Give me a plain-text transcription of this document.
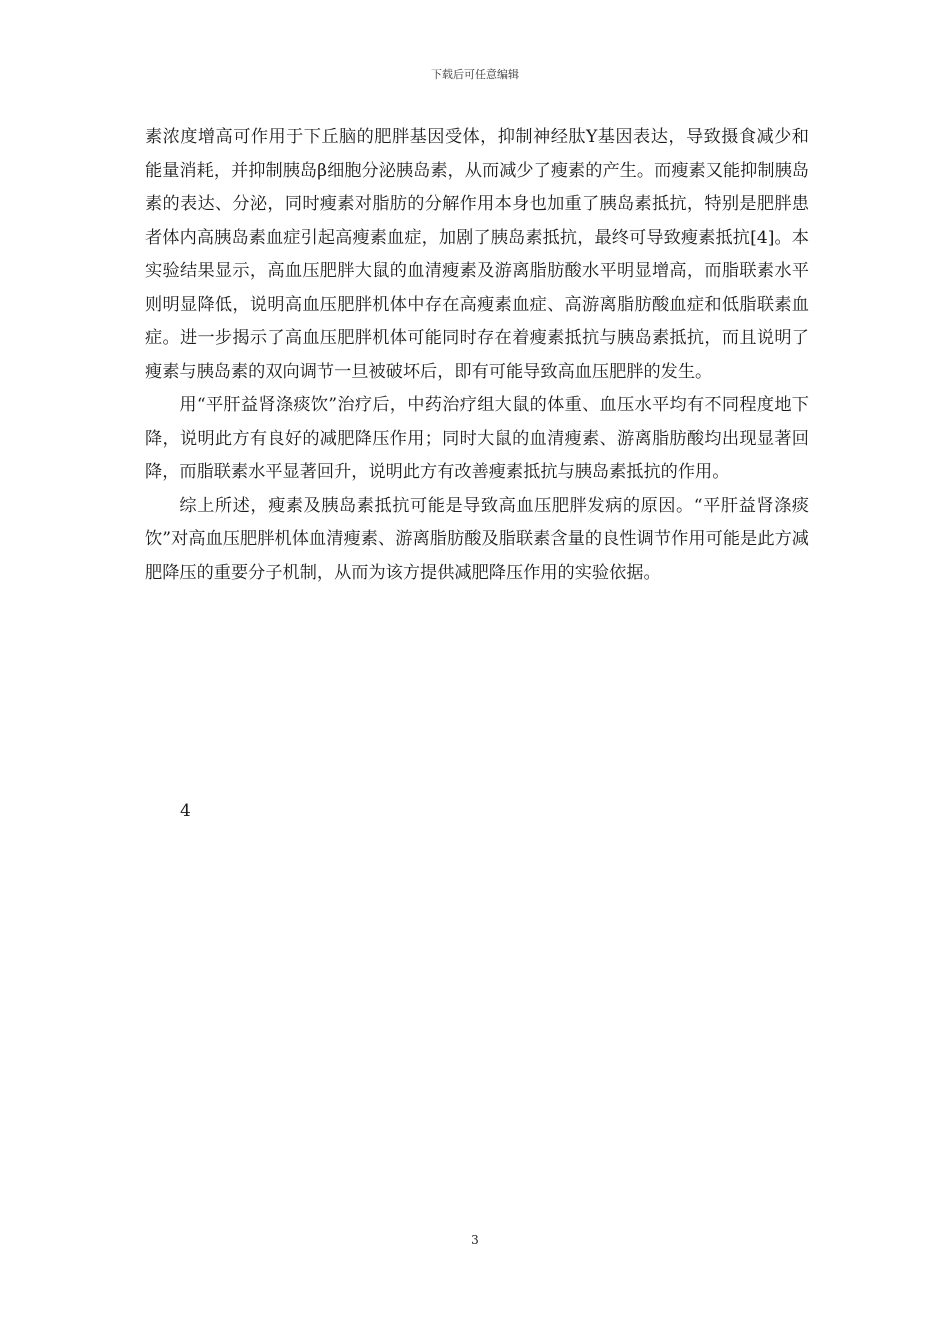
下载后可任意编辑

素浓度增高可作用于下丘脑的肥胖基因受体，抑制神经肽Y基因表达，导致摄食减少和能量消耗，并抑制胰岛β细胞分泌胰岛素，从而减少了瘦素的产生。而瘦素又能抑制胰岛素的表达、分泌，同时瘦素对脂肪的分解作用本身也加重了胰岛素抵抗，特别是肥胖患者体内高胰岛素血症引起高瘦素血症，加剧了胰岛素抵抗，最终可导致瘦素抵抗[4]。本实验结果显示，高血压肥胖大鼠的血清瘦素及游离脂肪酸水平明显增高，而脂联素水平则明显降低，说明高血压肥胖机体中存在高瘦素血症、高游离脂肪酸血症和低脂联素血症。进一步揭示了高血压肥胖机体可能同时存在着瘦素抵抗与胰岛素抵抗，而且说明了瘦素与胰岛素的双向调节一旦被破坏后，即有可能导致高血压肥胖的发生。

用“平肝益肾涤痰饮”治疗后，中药治疗组大鼠的体重、血压水平均有不同程度地下降，说明此方有良好的减肥降压作用；同时大鼠的血清瘦素、游离脂肪酸均出现显著回降，而脂联素水平显著回升，说明此方有改善瘦素抵抗与胰岛素抵抗的作用。

综上所述，瘦素及胰岛素抵抗可能是导致高血压肥胖发病的原因。“平肝益肾涤痰饮”对高血压肥胖机体血清瘦素、游离脂肪酸及脂联素含量的良性调节作用可能是此方减肥降压的重要分子机制，从而为该方提供减肥降压作用的实验依据。

4
3
